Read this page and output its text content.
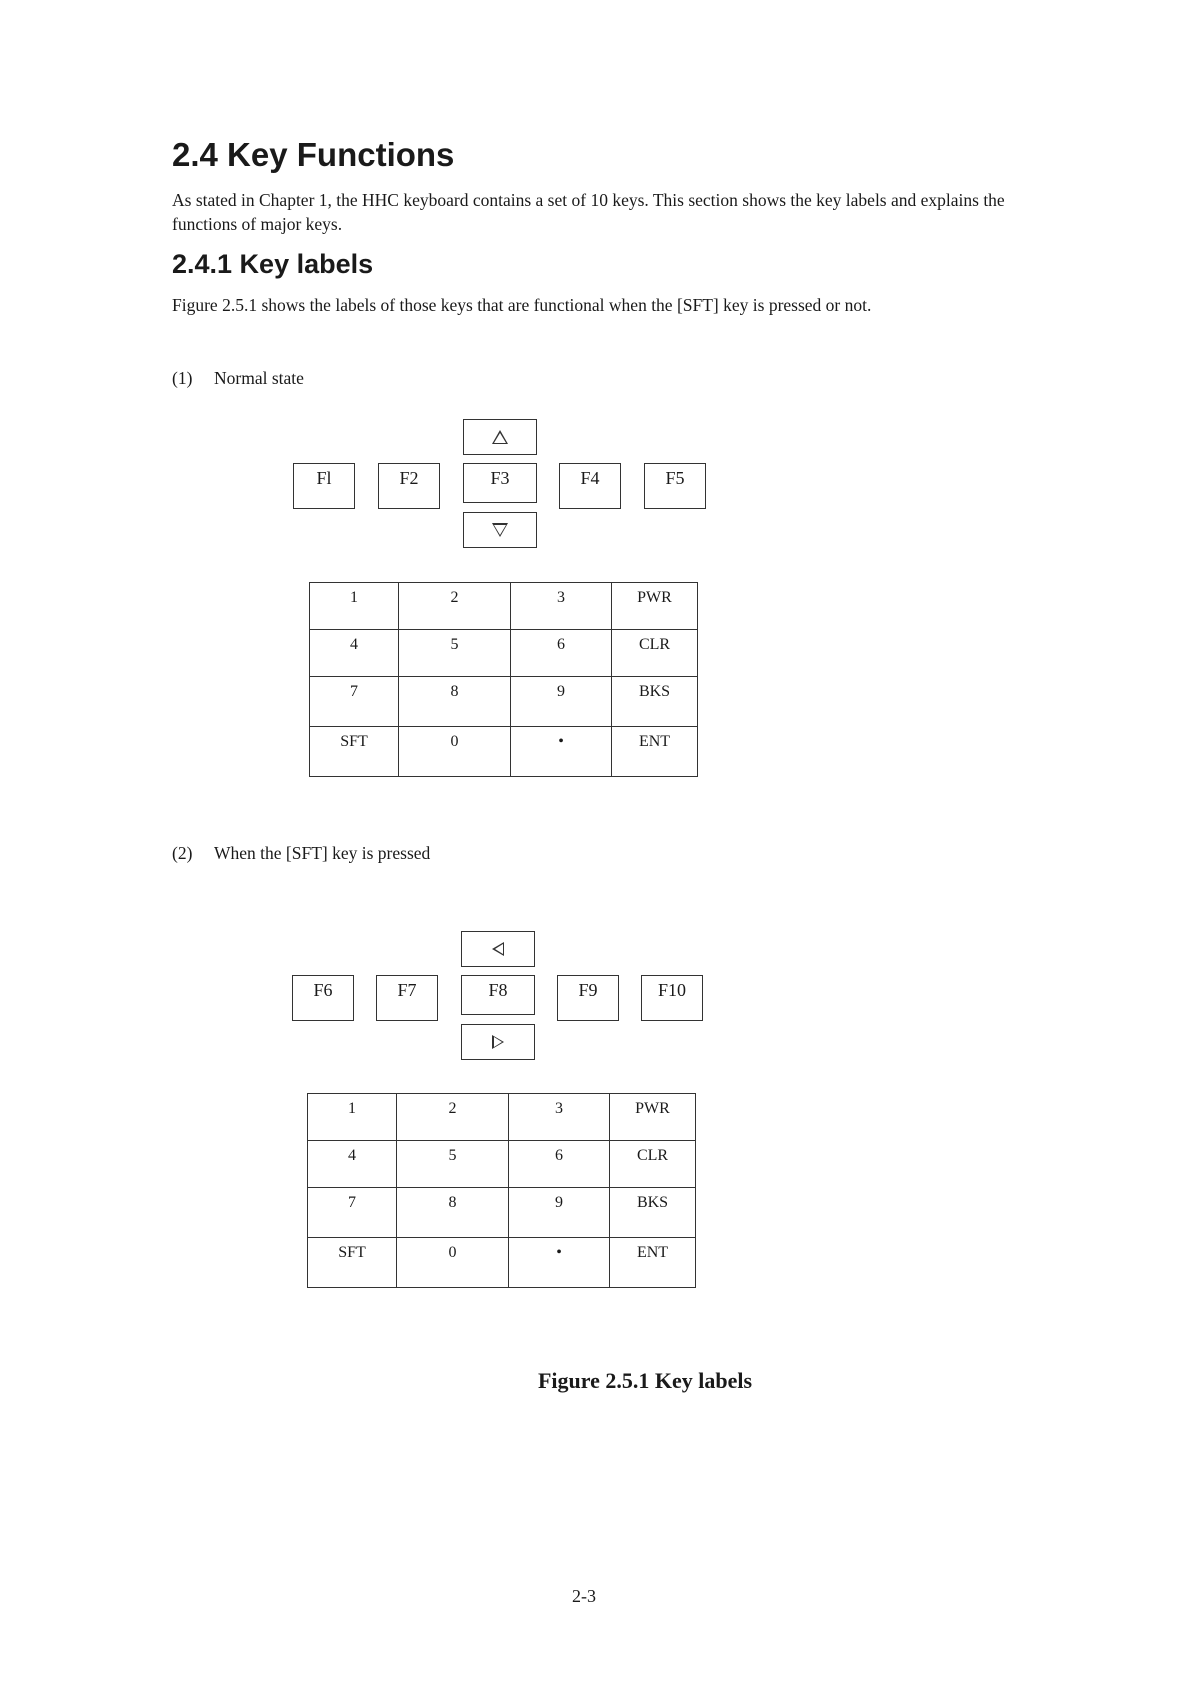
2.4 Key Functions

As stated in Chapter 1, the HHC keyboard contains a set of 10 keys. This section shows the key labels and explains the functions of major keys.

2.4.1 Key labels

Figure 2.5.1 shows the labels of those keys that are functional when the [SFT] key is pressed or not.

(1) Normal state
Fl	F2	F3	F4	F5
1	2	3	PWR
4	5	6	CLR
7	8	9	BKS
SFT	0	•	ENT
(2) When the [SFT] key is pressed
F6	F7	F8	F9	F10
1	2	3	PWR
4	5	6	CLR
7	8	9	BKS
SFT	0	•	ENT
Figure 2.5.1 Key labels
2-3
